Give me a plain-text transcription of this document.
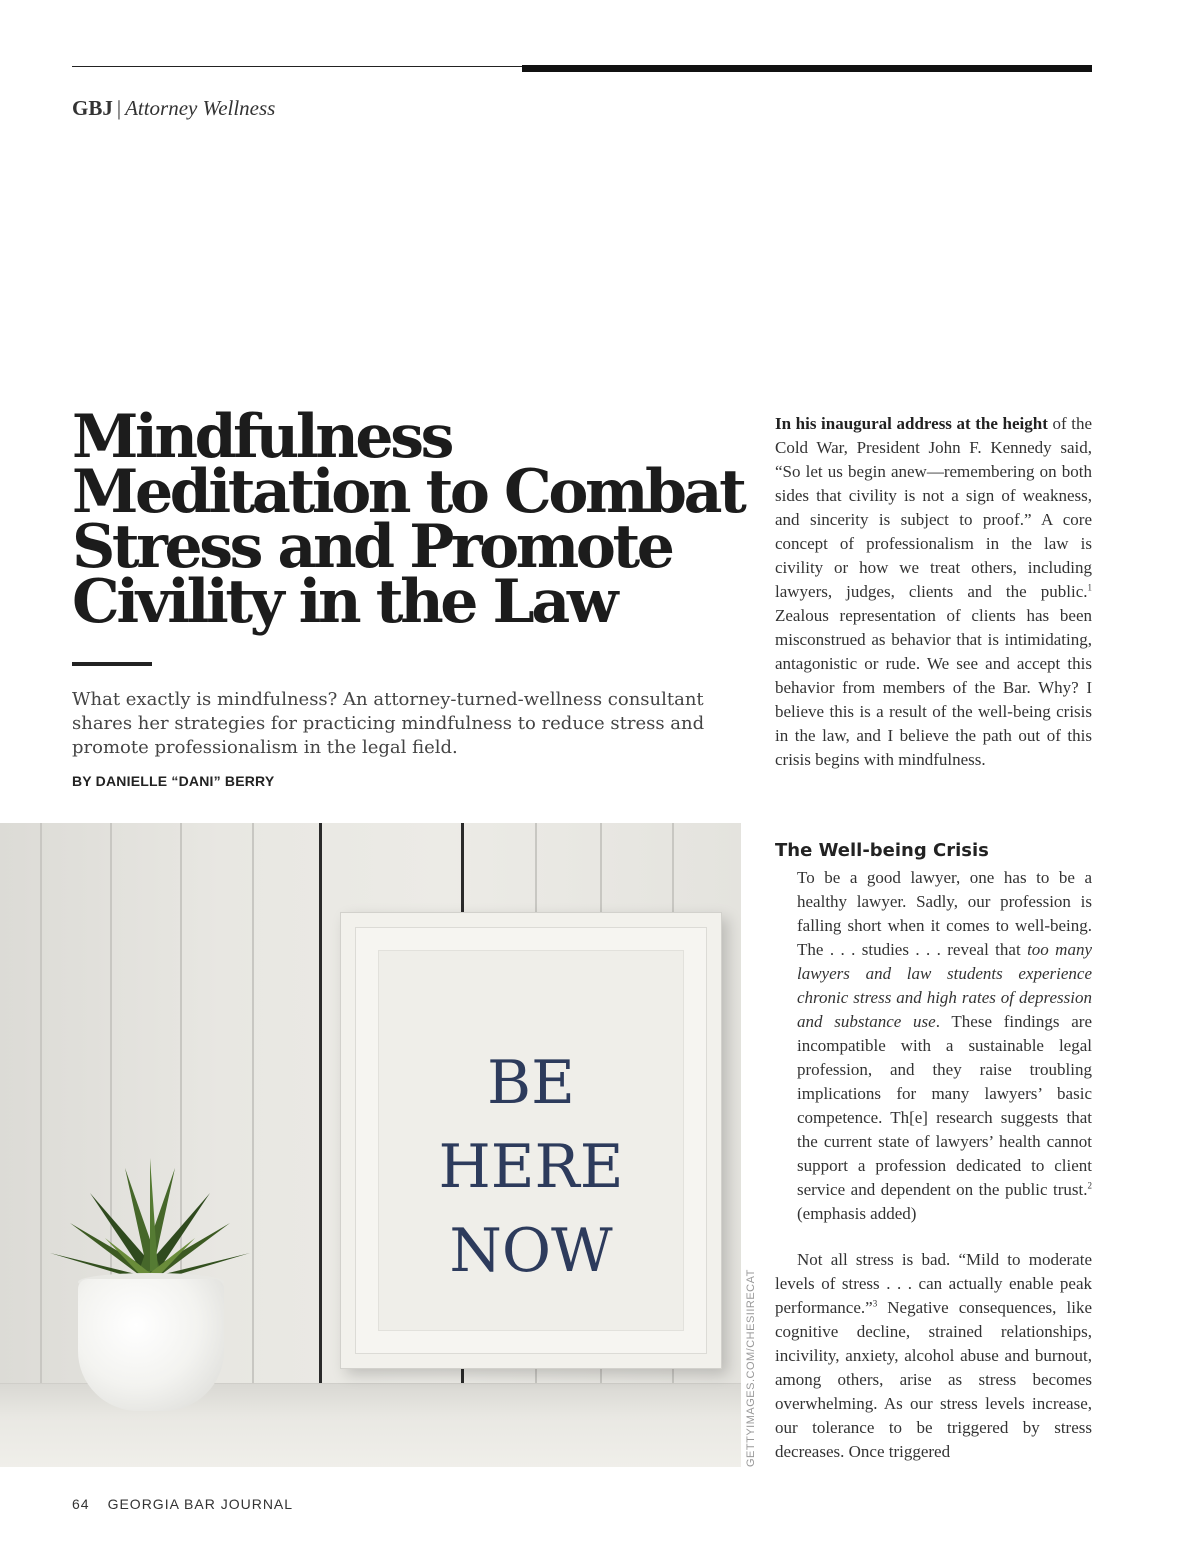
GBJ | Attorney Wellness
Mindfulness Meditation to Combat Stress and Promote Civility in the Law

What exactly is mindfulness? An attorney-turned-wellness consultant shares her strategies for practicing mindfulness to reduce stress and promote professionalism in the legal field.

BY DANIELLE “DANI” BERRY
BE
HERE
NOW
GETTYIMAGES.COM/CHESIIRECAT

In his inaugural address at the height of the Cold War, President John F. Kennedy said, “So let us begin anew—remembering on both sides that civility is not a sign of weakness, and sincerity is subject to proof.” A core concept of professionalism in the law is civility or how we treat others, including lawyers, judges, clients and the public.$^1$ Zealous representation of clients has been misconstrued as behavior that is intimidating, antagonistic or rude. We see and accept this behavior from members of the Bar. Why? I believe this is a result of the well-being crisis in the law, and I believe the path out of this crisis begins with mindfulness.

The Well-being Crisis

To be a good lawyer, one has to be a healthy lawyer. Sadly, our profession is falling short when it comes to well-being. The . . . studies . . . reveal that too many lawyers and law students experience chronic stress and high rates of depression and substance use. These findings are incompatible with a sustainable legal profession, and they raise troubling implications for many lawyers’ basic competence. Th[e] research suggests that the current state of lawyers’ health cannot support a profession dedicated to client service and dependent on the public trust.$^2$ (emphasis added)

Not all stress is bad. “Mild to moderate levels of stress . . . can actually enable peak performance.”$^3$ Negative consequences, like cognitive decline, strained relationships, incivility, anxiety, alcohol abuse and burnout, among others, arise as stress becomes overwhelming. As our stress levels increase, our tolerance to be triggered by stress decreases. Once triggered

64 GEORGIA BAR JOURNAL
